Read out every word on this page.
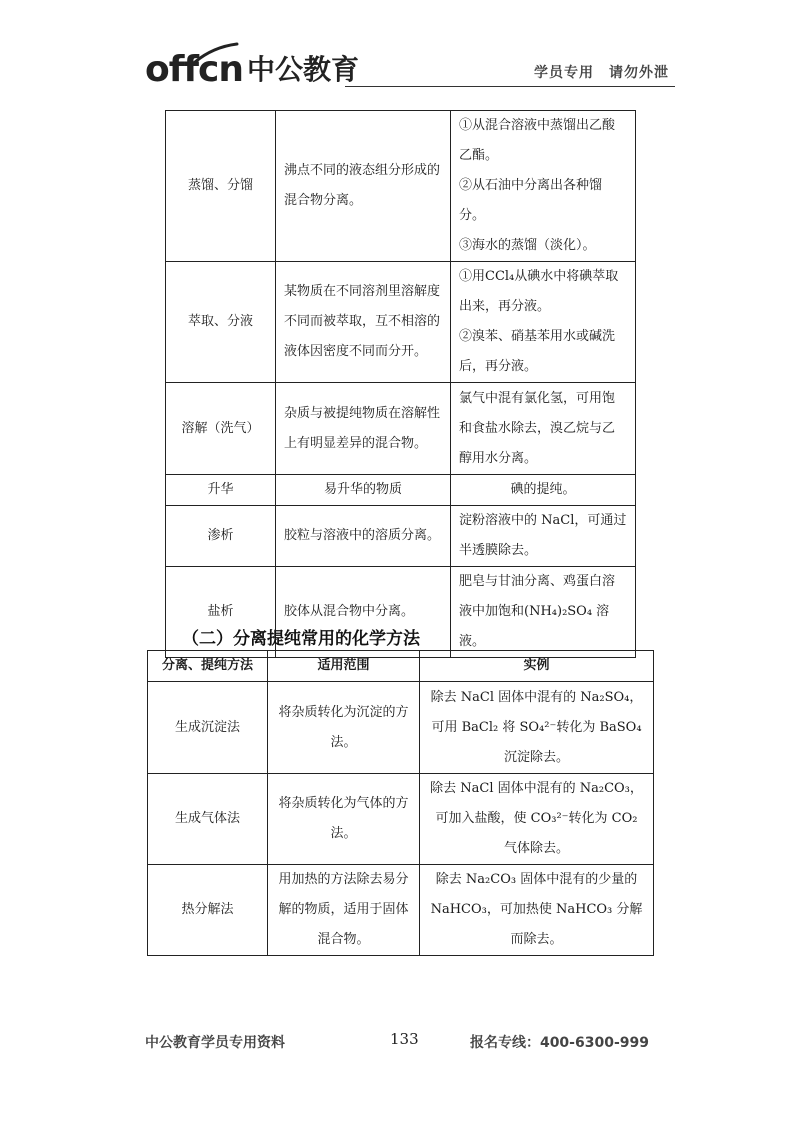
offcn 中公教育	学员专用　请勿外泄
蒸馏、分馏	沸点不同的液态组分形成的混合物分离。	①从混合溶液中蒸馏出乙酸乙酯。
②从石油中分离出各种馏分。
③海水的蒸馏（淡化）。

萃取、分液	某物质在不同溶剂里溶解度不同而被萃取，互不相溶的液体因密度不同而分开。	①用CCl₄从碘水中将碘萃取出来，再分液。
②溴苯、硝基苯用水或碱洗后，再分液。

溶解（洗气）	杂质与被提纯物质在溶解性上有明显差异的混合物。	氯气中混有氯化氢，可用饱和食盐水除去，溴乙烷与乙醇用水分离。
升华	易升华的物质	碘的提纯。
渗析	胶粒与溶液中的溶质分离。	淀粉溶液中的 NaCl，可通过半透膜除去。
盐析	胶体从混合物中分离。	肥皂与甘油分离、鸡蛋白溶液中加饱和(NH₄)₂SO₄ 溶液。
（二）分离提纯常用的化学方法
分离、提纯方法	适用范围	实例
生成沉淀法	将杂质转化为沉淀的方法。	除去 NaCl 固体中混有的 Na₂SO₄，可用 BaCl₂ 将 SO₄²⁻转化为 BaSO₄ 沉淀除去。
生成气体法	将杂质转化为气体的方法。	除去 NaCl 固体中混有的 Na₂CO₃，可加入盐酸，使 CO₃²⁻转化为 CO₂ 气体除去。
热分解法	用加热的方法除去易分解的物质，适用于固体混合物。	除去 Na₂CO₃ 固体中混有的少量的 NaHCO₃，可加热使 NaHCO₃ 分解而除去。
中公教育学员专用资料	133	报名专线：400-6300-999
